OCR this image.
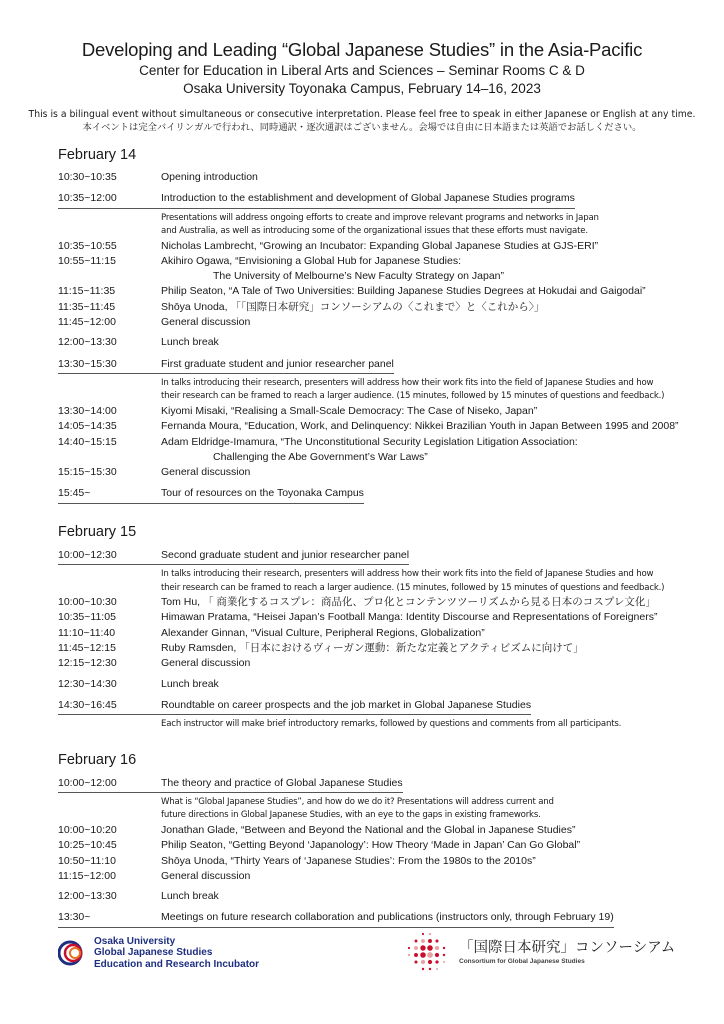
Developing and Leading “Global Japanese Studies” in the Asia-Pacific
Center for Education in Liberal Arts and Sciences – Seminar Rooms C & D
Osaka University Toyonaka Campus, February 14–16, 2023
This is a bilingual event without simultaneous or consecutive interpretation. Please feel free to speak in either Japanese or English at any time.
本イベントは完全バイリンガルで行われ、同時通訳・逐次通訳はございません。会場では自由に日本語または英語でお話しください。
February 14
10:30~10:35	Opening introduction
10:35~12:00	Introduction to the establishment and development of Global Japanese Studies programs
Presentations will address ongoing efforts to create and improve relevant programs and networks in Japan
and Australia, as well as introducing some of the organizational issues that these efforts must navigate.
10:35~10:55	Nicholas Lambrecht, “Growing an Incubator: Expanding Global Japanese Studies at GJS-ERI”
10:55~11:15	Akihiro Ogawa, “Envisioning a Global Hub for Japanese Studies:
The University of Melbourne’s New Faculty Strategy on Japan”
11:15~11:35	Philip Seaton, “A Tale of Two Universities: Building Japanese Studies Degrees at Hokudai and Gaigodai”
11:35~11:45	Shōya Unoda, 「「国際日本研究」コンソーシアムの〈これまで〉と〈これから〉」
11:45~12:00	General discussion
12:00~13:30	Lunch break
13:30~15:30	First graduate student and junior researcher panel
In talks introducing their research, presenters will address how their work fits into the field of Japanese Studies and how
their research can be framed to reach a larger audience. (15 minutes, followed by 15 minutes of questions and feedback.)
13:30~14:00	Kiyomi Misaki, “Realising a Small-Scale Democracy: The Case of Niseko, Japan”
14:05~14:35	Fernanda Moura, “Education, Work, and Delinquency: Nikkei Brazilian Youth in Japan Between 1995 and 2008”
14:40~15:15	Adam Eldridge-Imamura, “The Unconstitutional Security Legislation Litigation Association:
Challenging the Abe Government’s War Laws”
15:15~15:30	General discussion
15:45~	Tour of resources on the Toyonaka Campus
February 15
10:00~12:30	Second graduate student and junior researcher panel
In talks introducing their research, presenters will address how their work fits into the field of Japanese Studies and how
their research can be framed to reach a larger audience. (15 minutes, followed by 15 minutes of questions and feedback.)
10:00~10:30	Tom Hu, 「 商業化するコスプレ：商品化、プロ化とコンテンツツーリズムから見る日本のコスプレ文化」
10:35~11:05	Himawan Pratama, “Heisei Japan’s Football Manga: Identity Discourse and Representations of Foreigners”
11:10~11:40	Alexander Ginnan, “Visual Culture, Peripheral Regions, Globalization”
11:45~12:15	Ruby Ramsden, 「日本におけるヴィーガン運動：新たな定義とアクティビズムに向けて」
12:15~12:30	General discussion
12:30~14:30	Lunch break
14:30~16:45	Roundtable on career prospects and the job market in Global Japanese Studies
Each instructor will make brief introductory remarks, followed by questions and comments from all participants.
February 16
10:00~12:00	The theory and practice of Global Japanese Studies
What is “Global Japanese Studies”, and how do we do it? Presentations will address current and
future directions in Global Japanese Studies, with an eye to the gaps in existing frameworks.
10:00~10:20	Jonathan Glade, “Between and Beyond the National and the Global in Japanese Studies”
10:25~10:45	Philip Seaton, “Getting Beyond ‘Japanology’: How Theory ‘Made in Japan’ Can Go Global”
10:50~11:10	Shōya Unoda, “Thirty Years of ‘Japanese Studies’: From the 1980s to the 2010s”
11:15~12:00	General discussion
12:00~13:30	Lunch break
13:30~	Meetings on future research collaboration and publications (instructors only, through February 19)
Osaka University
Global Japanese Studies
Education and Research Incubator
「国際日本研究」コンソーシアム
Consortium for Global Japanese Studies
